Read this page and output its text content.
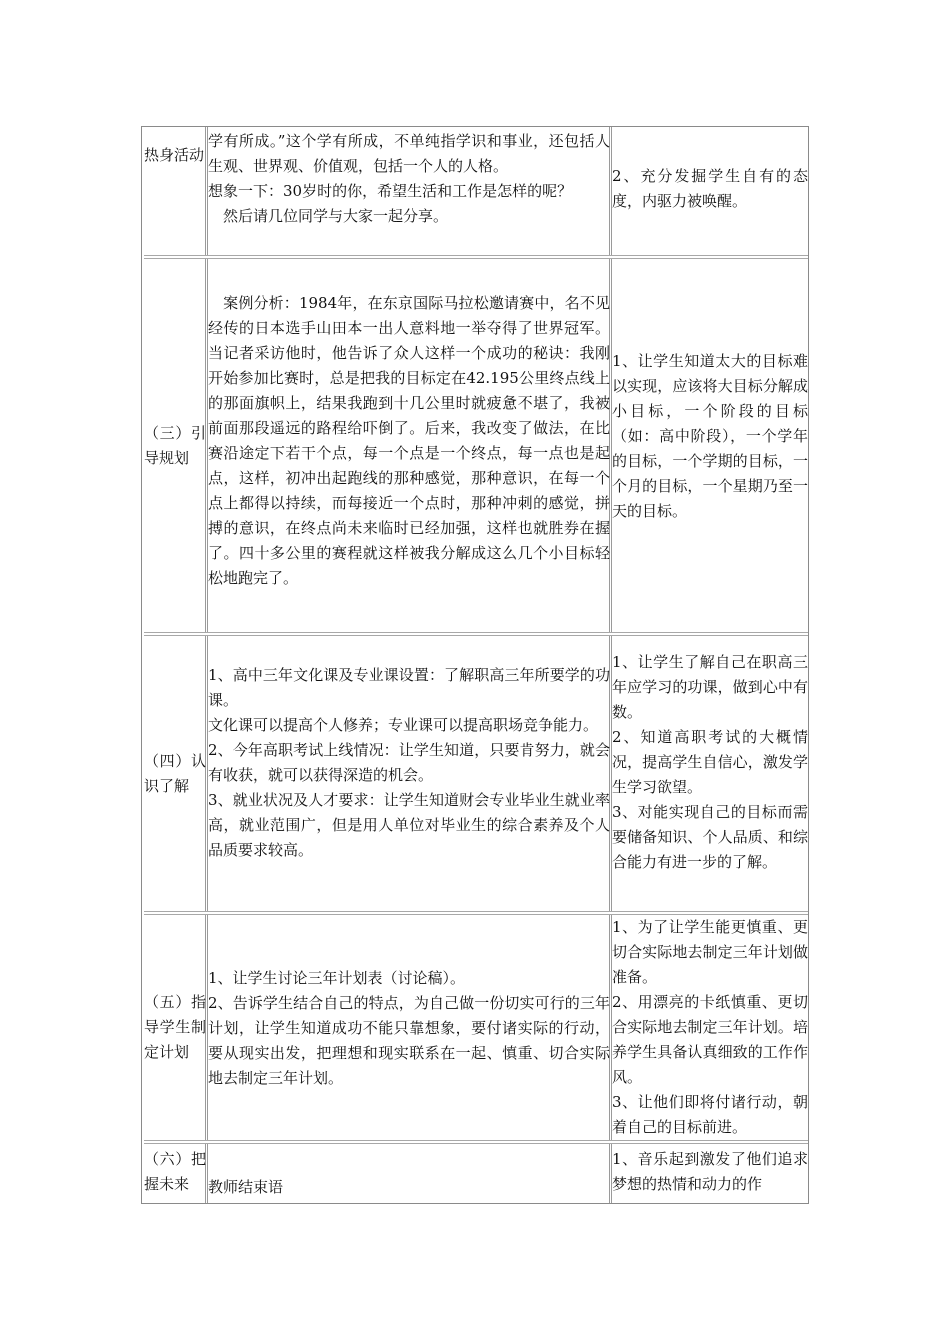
热身活动

学有所成。”这个学有所成，不单纯指学识和事业，还包括人生观、世界观、价值观，包括一个人的人格。

想象一下：30岁时的你，希望生活和工作是怎样的呢？

　然后请几位同学与大家一起分享。

2、充分发掘学生自有的态度，内驱力被唤醒。

（三）引导规划

　案例分析：1984年，在东京国际马拉松邀请赛中，名不见经传的日本选手山田本一出人意料地一举夺得了世界冠军。当记者采访他时，他告诉了众人这样一个成功的秘诀：我刚开始参加比赛时，总是把我的目标定在42.195公里终点线上的那面旗帜上，结果我跑到十几公里时就疲惫不堪了，我被前面那段遥远的路程给吓倒了。后来，我改变了做法，在比赛沿途定下若干个点，每一个点是一个终点，每一点也是起点，这样，初冲出起跑线的那种感觉，那种意识，在每一个点上都得以持续，而每接近一个点时，那种冲刺的感觉，拼搏的意识，在终点尚未来临时已经加强，这样也就胜券在握了。四十多公里的赛程就这样被我分解成这么几个小目标轻松地跑完了。

1、让学生知道太大的目标难以实现，应该将大目标分解成小目标，一个阶段的目标（如：高中阶段），一个学年的目标，一个学期的目标，一个月的目标，一个星期乃至一天的目标。

（四）认识了解

1、高中三年文化课及专业课设置：了解职高三年所要学的功课。

文化课可以提高个人修养；专业课可以提高职场竞争能力。

2、今年高职考试上线情况：让学生知道，只要肯努力，就会有收获，就可以获得深造的机会。

3、就业状况及人才要求：让学生知道财会专业毕业生就业率高，就业范围广，但是用人单位对毕业生的综合素养及个人品质要求较高。

1、让学生了解自己在职高三年应学习的功课，做到心中有数。

2、知道高职考试的大概情况，提高学生自信心，激发学生学习欲望。

3、对能实现自己的目标而需要储备知识、个人品质、和综合能力有进一步的了解。

（五）指导学生制定计划

1、让学生讨论三年计划表（讨论稿）。

2、告诉学生结合自己的特点，为自己做一份切实可行的三年计划，让学生知道成功不能只靠想象，要付诸实际的行动，要从现实出发，把理想和现实联系在一起、慎重、切合实际地去制定三年计划。

1、为了让学生能更慎重、更切合实际地去制定三年计划做准备。

2、用漂亮的卡纸慎重、更切合实际地去制定三年计划。培养学生具备认真细致的工作作风。

3、让他们即将付诸行动，朝着自己的目标前进。

（六）把握未来	教师结束语

1、音乐起到激发了他们追求梦想的热情和动力的作
